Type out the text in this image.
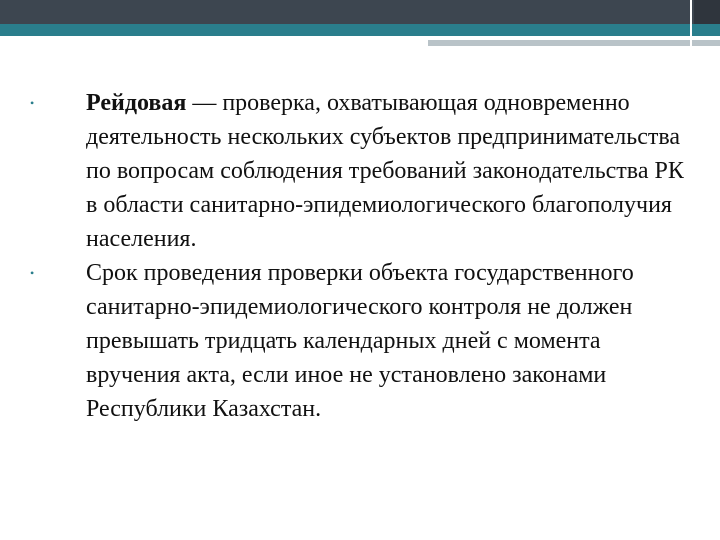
•	Рейдовая — проверка, охватывающая одновременно деятельность нескольких субъектов предпринимательства по вопросам соблюдения требований законодательства РК в области санитарно-эпидемиологического благополучия населения.
•	Срок проведения проверки объекта государственного санитарно-эпидемиологического контроля не должен превышать тридцать календарных дней с момента вручения акта, если иное не установлено законами Республики Казахстан.
